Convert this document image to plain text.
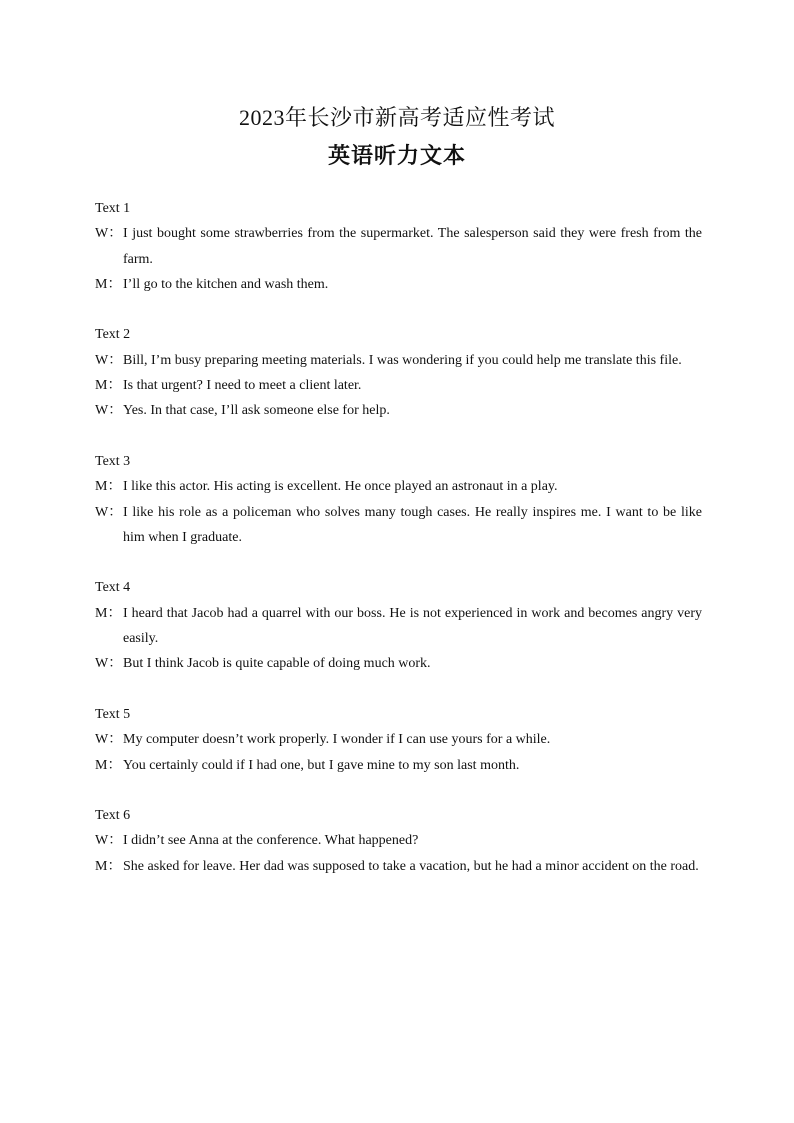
2023年长沙市新高考适应性考试
英语听力文本
Text 1
W：I just bought some strawberries from the supermarket. The salesperson said they were fresh from the farm.
M： I’ll go to the kitchen and wash them.
Text 2
W：Bill, I’m busy preparing meeting materials. I was wondering if you could help me translate this file.
M： Is that urgent? I need to meet a client later.
W：Yes. In that case, I’ll ask someone else for help.
Text 3
M： I like this actor. His acting is excellent. He once played an astronaut in a play.
W：I like his role as a policeman who solves many tough cases. He really inspires me. I want to be like him when I graduate.
Text 4
M： I heard that Jacob had a quarrel with our boss. He is not experienced in work and becomes angry very easily.
W：But I think Jacob is quite capable of doing much work.
Text 5
W：My computer doesn’t work properly. I wonder if I can use yours for a while.
M： You certainly could if I had one, but I gave mine to my son last month.
Text 6
W：I didn’t see Anna at the conference. What happened?
M： She asked for leave. Her dad was supposed to take a vacation, but he had a minor accident on the road.
